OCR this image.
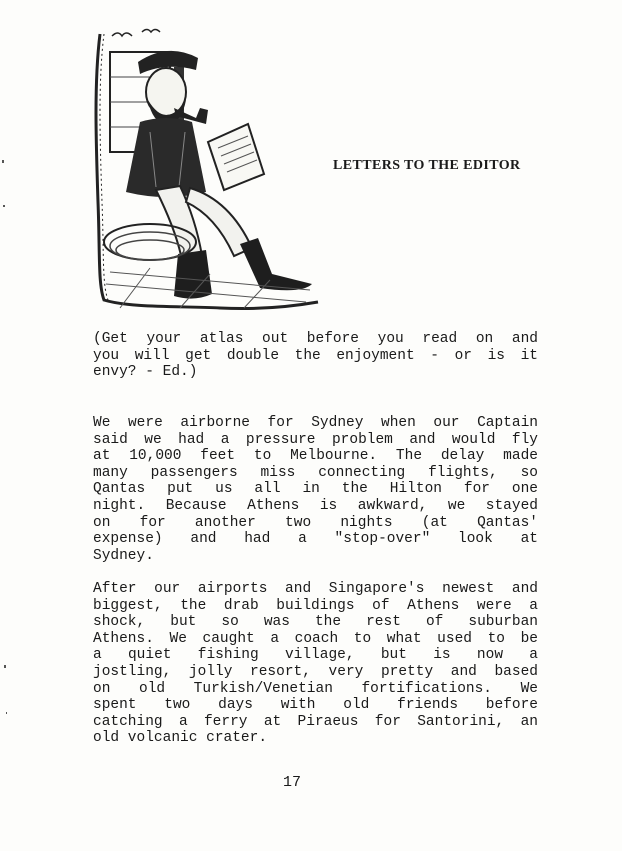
LETTERS TO THE EDITOR

(Get your atlas out before you read on and
you will get double the enjoyment - or is it
envy? - Ed.)

We were airborne for Sydney when our Captain
said we had a pressure problem and would fly
at 10,000 feet to Melbourne. The delay made
many passengers miss connecting flights, so
Qantas put us all in the Hilton for one
night. Because Athens is awkward, we stayed
on for another two nights (at Qantas'
expense) and had a "stop-over" look at
Sydney.

After our airports and Singapore's newest and
biggest, the drab buildings of Athens were a
shock, but so was the rest of suburban
Athens. We caught a coach to what used to be
a quiet fishing village, but is now a
jostling, jolly resort, very pretty and based
on old Turkish/Venetian fortifications. We
spent two days with old friends before
catching a ferry at Piraeus for Santorini, an
old volcanic crater.

17
